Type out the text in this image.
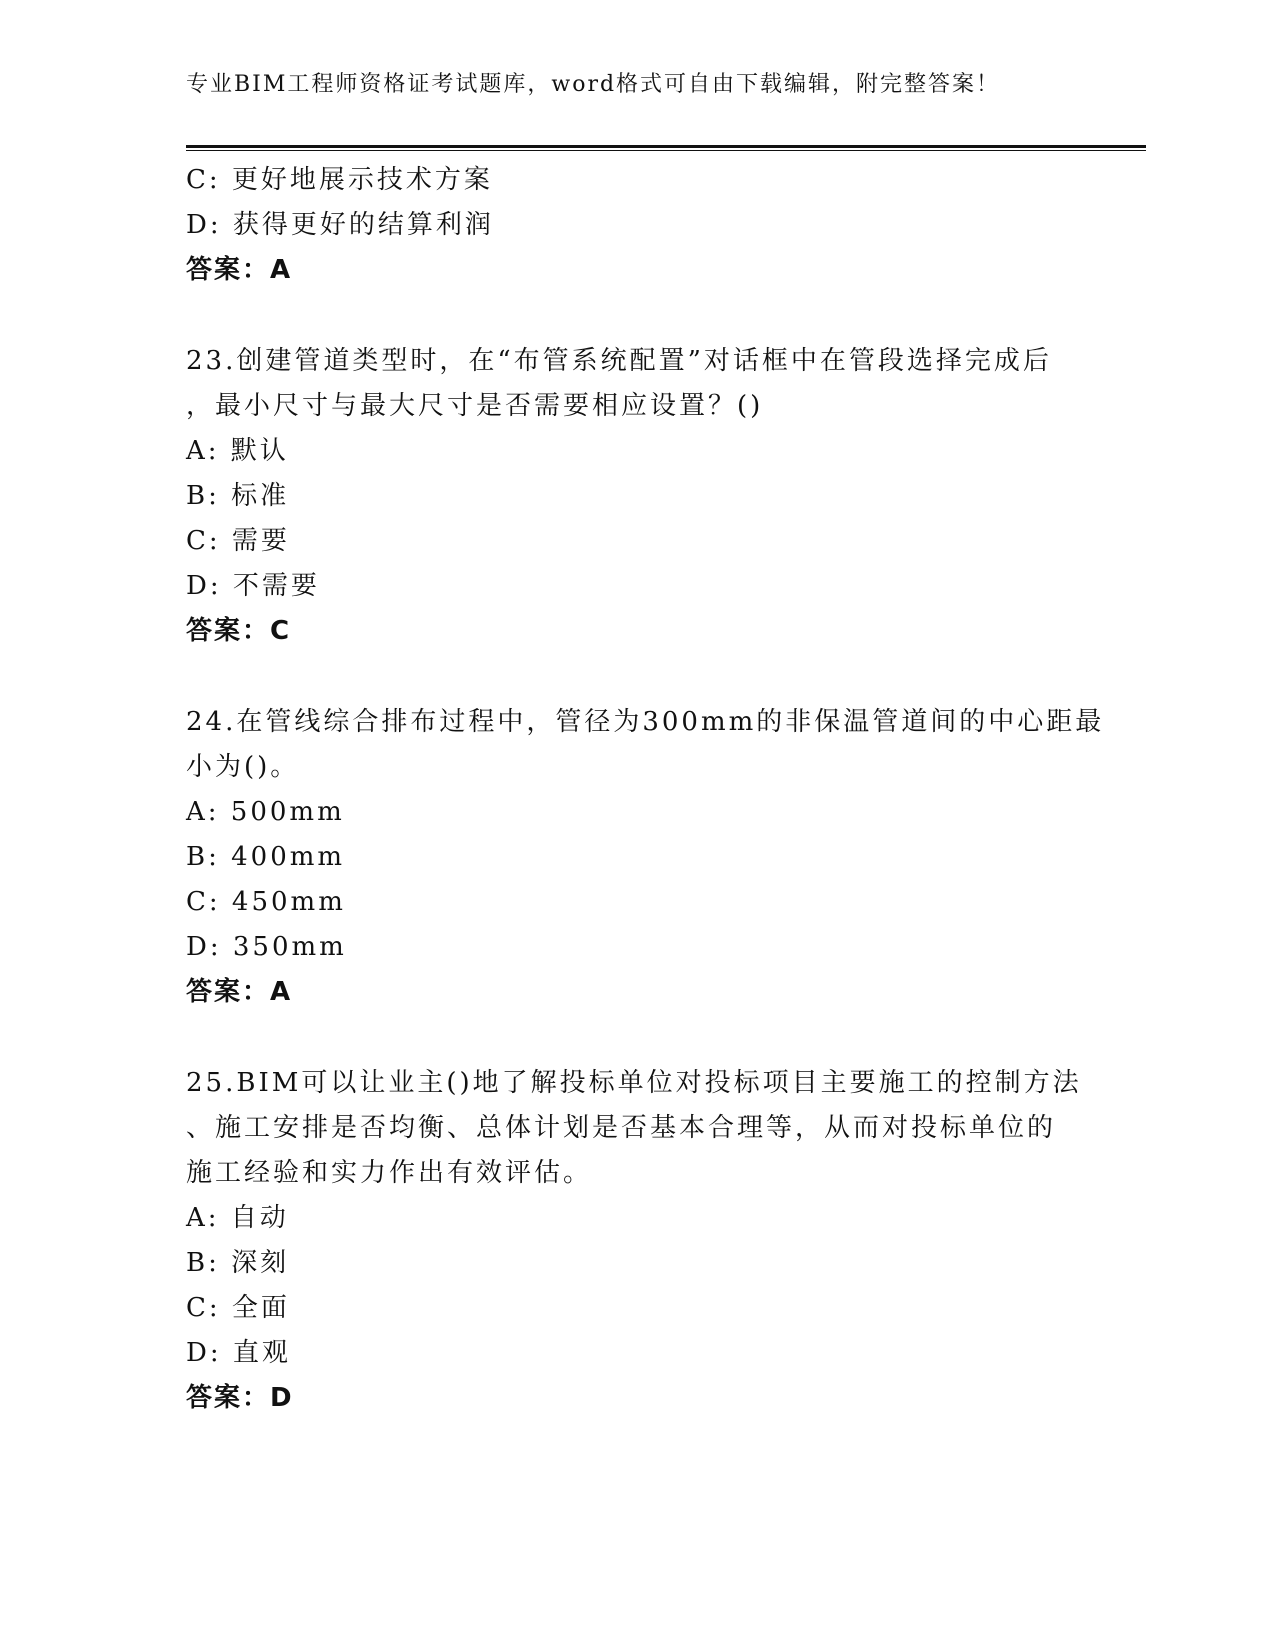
专业BIM工程师资格证考试题库，word格式可自由下载编辑，附完整答案！
C: 更好地展示技术方案
D: 获得更好的结算利润
答案：A
23.创建管道类型时，在“布管系统配置”对话框中在管段选择完成后
，最小尺寸与最大尺寸是否需要相应设置？()
A: 默认
B: 标准
C: 需要
D: 不需要
答案：C
24.在管线综合排布过程中，管径为300mm的非保温管道间的中心距最
小为()。
A: 500mm
B: 400mm
C: 450mm
D: 350mm
答案：A
25.BIM可以让业主()地了解投标单位对投标项目主要施工的控制方法
、施工安排是否均衡、总体计划是否基本合理等，从而对投标单位的
施工经验和实力作出有效评估。
A: 自动
B: 深刻
C: 全面
D: 直观
答案：D
